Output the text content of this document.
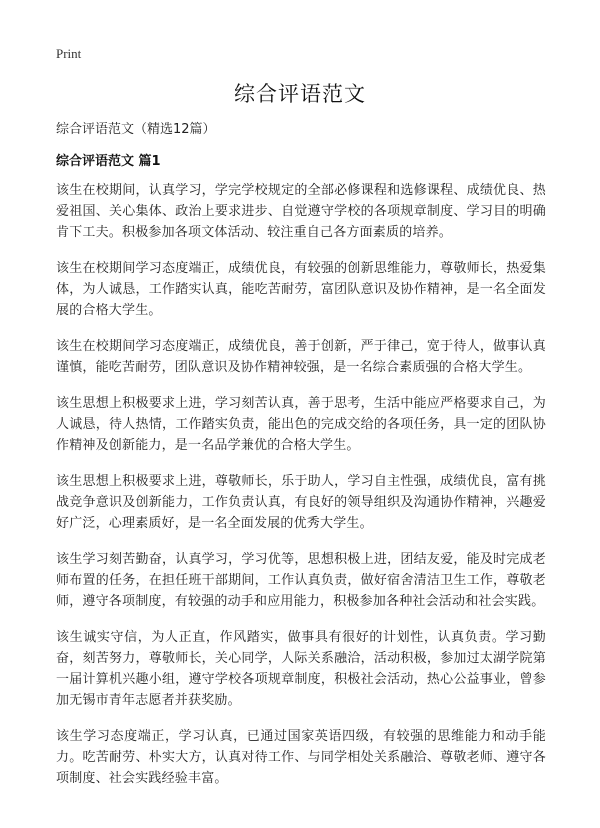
Print
综合评语范文

综合评语范文（精选12篇）

综合评语范文 篇1

该生在校期间，认真学习，学完学校规定的全部必修课程和选修课程、成绩优良、热爱祖国、关心集体、政治上要求进步、自觉遵守学校的各项规章制度、学习目的明确肯下工夫。积极参加各项文体活动、较注重自己各方面素质的培养。

该生在校期间学习态度端正，成绩优良，有较强的创新思维能力，尊敬师长，热爱集体，为人诚恳，工作踏实认真，能吃苦耐劳，富团队意识及协作精神，是一名全面发展的合格大学生。

该生在校期间学习态度端正，成绩优良，善于创新，严于律己，宽于待人，做事认真谨慎，能吃苦耐劳，团队意识及协作精神较强，是一名综合素质强的合格大学生。

该生思想上积极要求上进，学习刻苦认真，善于思考，生活中能应严格要求自己，为人诚恳，待人热情，工作踏实负责，能出色的完成交给的各项任务，具一定的团队协作精神及创新能力，是一名品学兼优的合格大学生。

该生思想上积极要求上进，尊敬师长，乐于助人，学习自主性强，成绩优良，富有挑战竞争意识及创新能力，工作负责认真，有良好的领导组织及沟通协作精神，兴趣爱好广泛，心理素质好，是一名全面发展的优秀大学生。

该生学习刻苦勤奋，认真学习，学习优等，思想积极上进，团结友爱，能及时完成老师布置的任务，在担任班干部期间，工作认真负责，做好宿舍清洁卫生工作，尊敬老师，遵守各项制度，有较强的动手和应用能力，积极参加各种社会活动和社会实践。

该生诚实守信，为人正直，作风踏实，做事具有很好的计划性，认真负责。学习勤奋，刻苦努力，尊敬师长，关心同学，人际关系融洽，活动积极，参加过太湖学院第一届计算机兴趣小组，遵守学校各项规章制度，积极社会活动，热心公益事业，曾参加无锡市青年志愿者并获奖励。

该生学习态度端正，学习认真，已通过国家英语四级，有较强的思维能力和动手能力。吃苦耐劳、朴实大方，认真对待工作、与同学相处关系融洽、尊敬老师、遵守各项制度、社会实践经验丰富。
